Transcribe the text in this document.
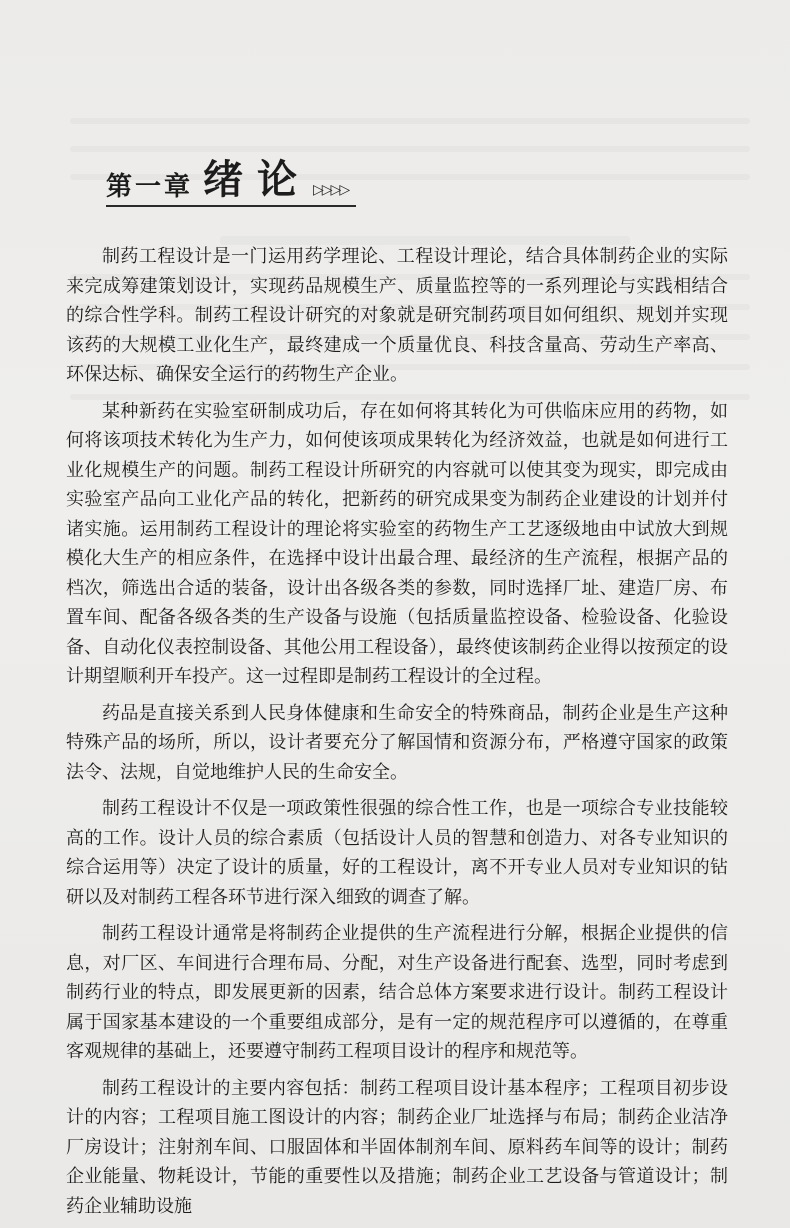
第一章 绪论 ▷▷▷▷

制药工程设计是一门运用药学理论、工程设计理论，结合具体制药企业的实际来完成筹建策划设计，实现药品规模生产、质量监控等的一系列理论与实践相结合的综合性学科。制药工程设计研究的对象就是研究制药项目如何组织、规划并实现该药的大规模工业化生产，最终建成一个质量优良、科技含量高、劳动生产率高、环保达标、确保安全运行的药物生产企业。

某种新药在实验室研制成功后，存在如何将其转化为可供临床应用的药物，如何将该项技术转化为生产力，如何使该项成果转化为经济效益，也就是如何进行工业化规模生产的问题。制药工程设计所研究的内容就可以使其变为现实，即完成由实验室产品向工业化产品的转化，把新药的研究成果变为制药企业建设的计划并付诸实施。运用制药工程设计的理论将实验室的药物生产工艺逐级地由中试放大到规模化大生产的相应条件，在选择中设计出最合理、最经济的生产流程，根据产品的档次，筛选出合适的装备，设计出各级各类的参数，同时选择厂址、建造厂房、布置车间、配备各级各类的生产设备与设施（包括质量监控设备、检验设备、化验设备、自动化仪表控制设备、其他公用工程设备），最终使该制药企业得以按预定的设计期望顺利开车投产。这一过程即是制药工程设计的全过程。

药品是直接关系到人民身体健康和生命安全的特殊商品，制药企业是生产这种特殊产品的场所，所以，设计者要充分了解国情和资源分布，严格遵守国家的政策法令、法规，自觉地维护人民的生命安全。

制药工程设计不仅是一项政策性很强的综合性工作，也是一项综合专业技能较高的工作。设计人员的综合素质（包括设计人员的智慧和创造力、对各专业知识的综合运用等）决定了设计的质量，好的工程设计，离不开专业人员对专业知识的钻研以及对制药工程各环节进行深入细致的调查了解。

制药工程设计通常是将制药企业提供的生产流程进行分解，根据企业提供的信息，对厂区、车间进行合理布局、分配，对生产设备进行配套、选型，同时考虑到制药行业的特点，即发展更新的因素，结合总体方案要求进行设计。制药工程设计属于国家基本建设的一个重要组成部分，是有一定的规范程序可以遵循的，在尊重客观规律的基础上，还要遵守制药工程项目设计的程序和规范等。

制药工程设计的主要内容包括：制药工程项目设计基本程序；工程项目初步设计的内容；工程项目施工图设计的内容；制药企业厂址选择与布局；制药企业洁净厂房设计；注射剂车间、口服固体和半固体制剂车间、原料药车间等的设计；制药企业能量、物耗设计，节能的重要性以及措施；制药企业工艺设备与管道设计；制药企业辅助设施
